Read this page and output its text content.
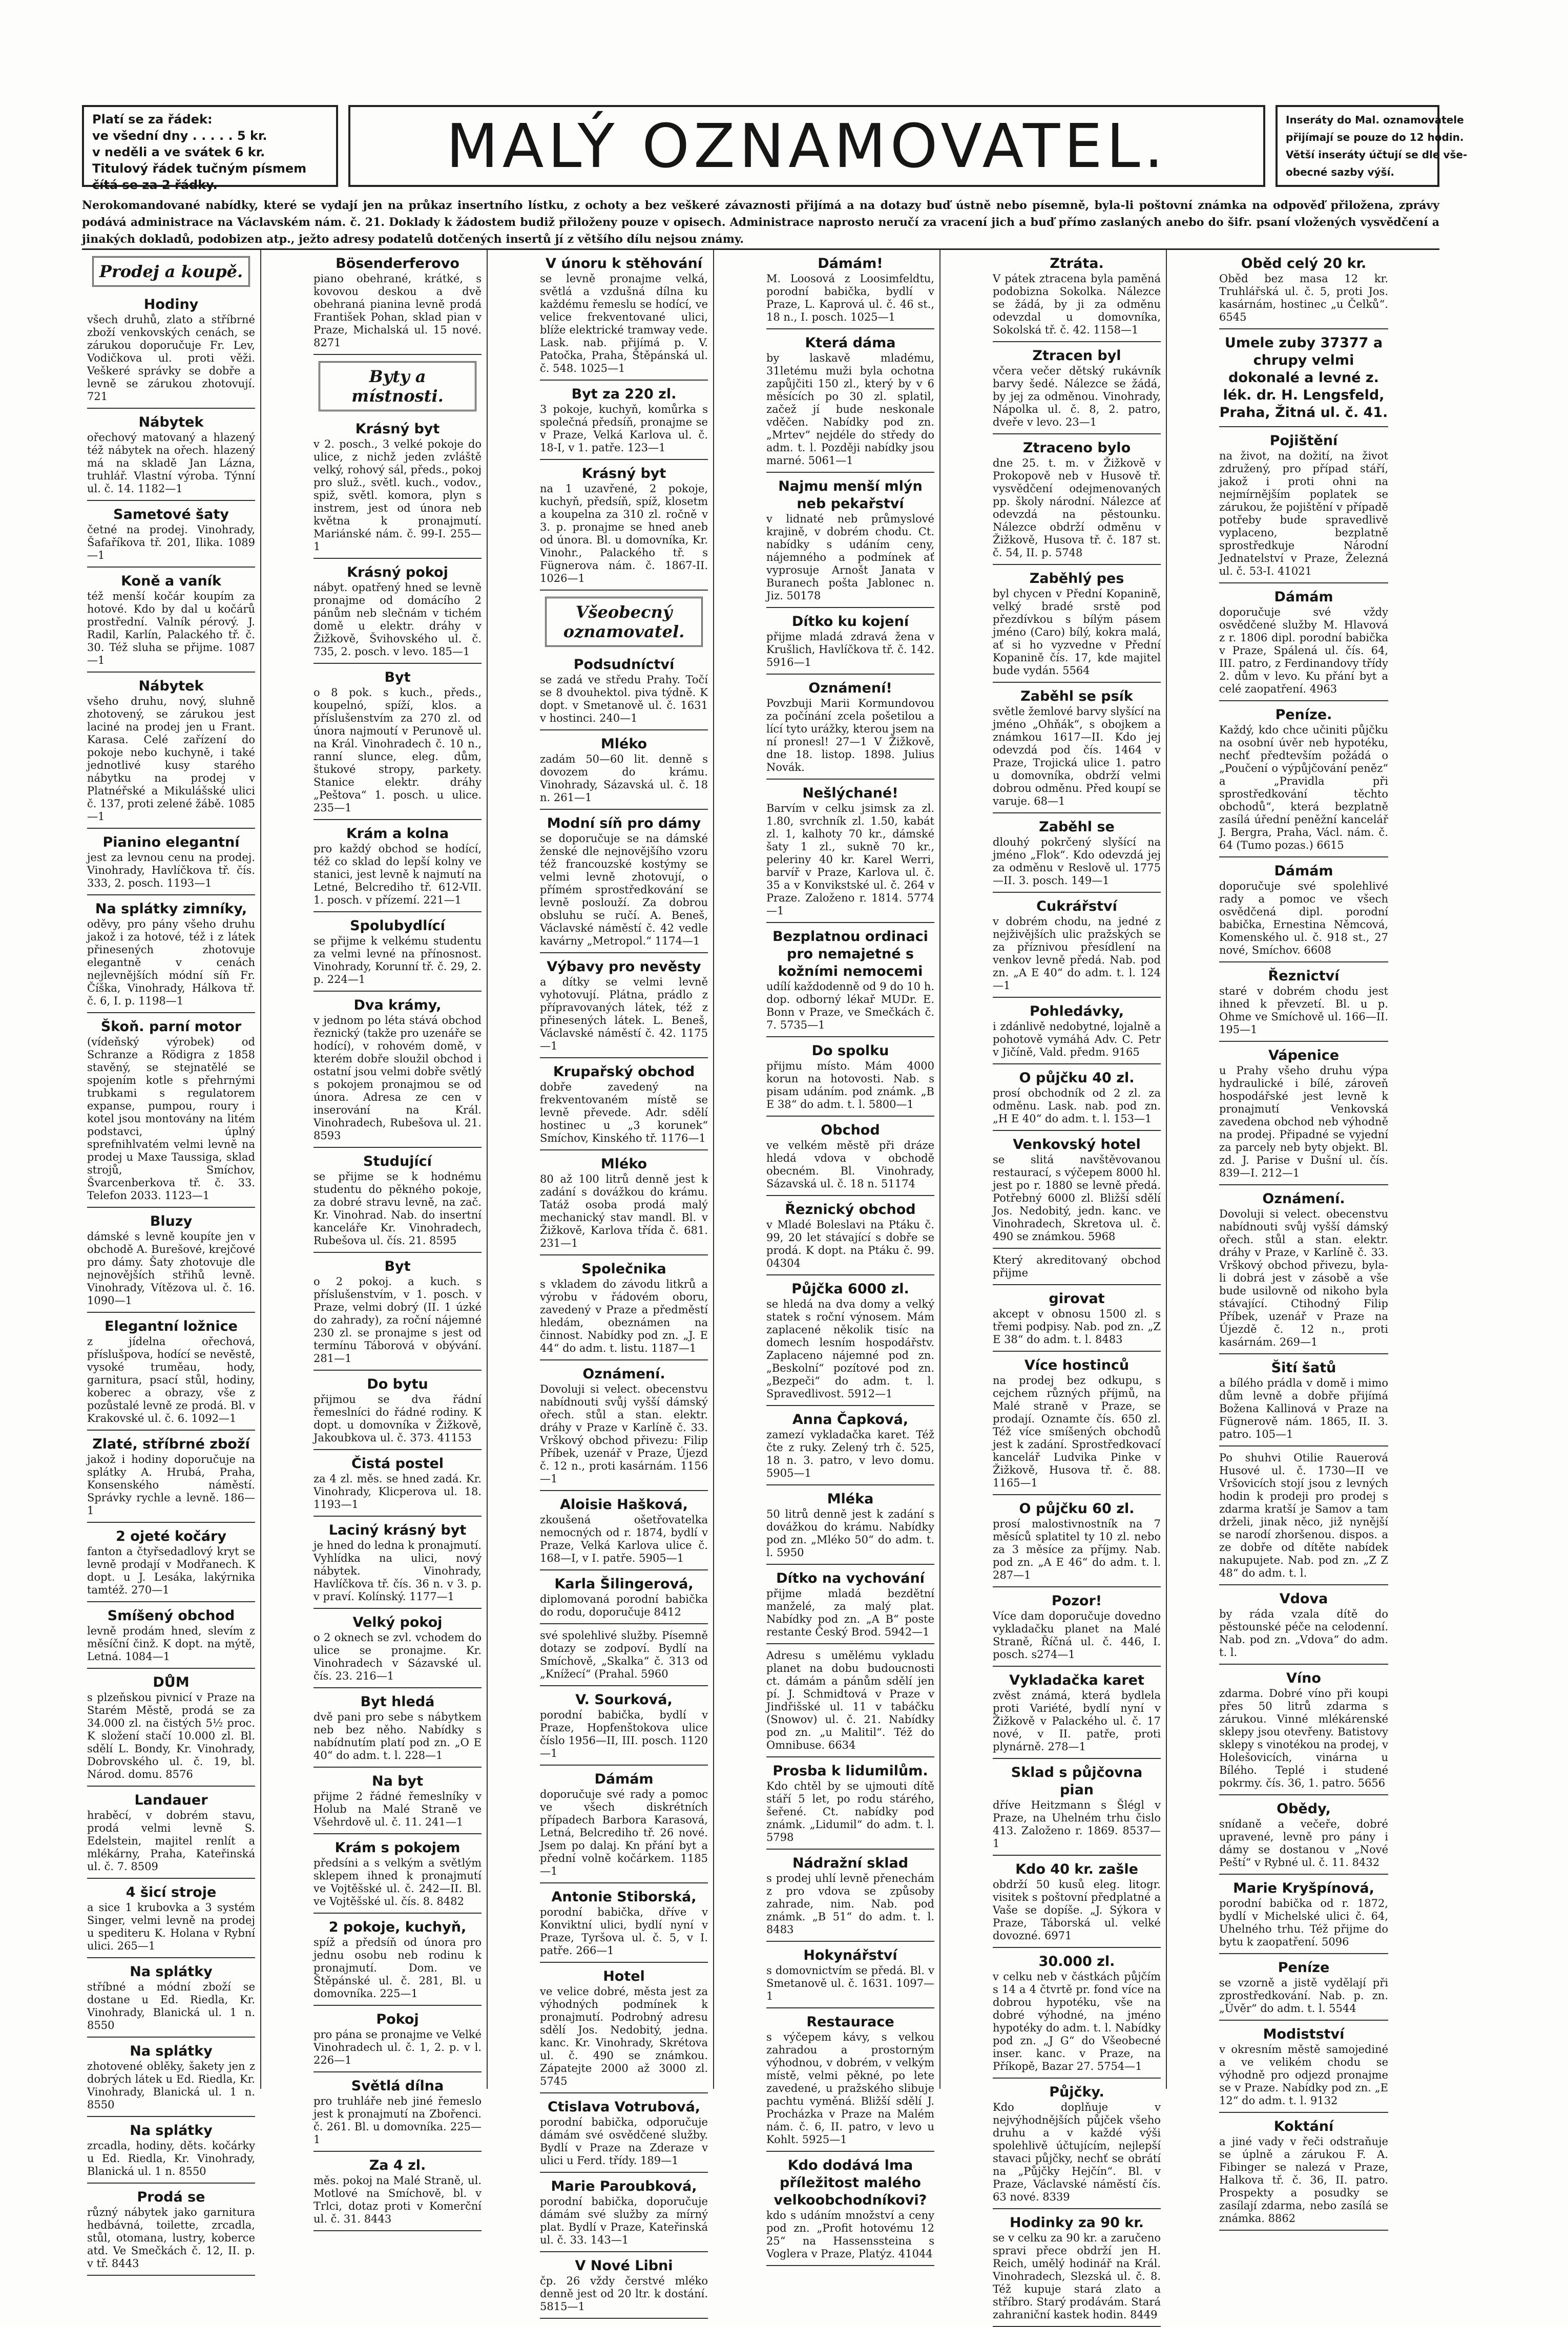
Platí se za řádek:
ve všední dny . . . . . 5 kr.
v neděli a ve svátek 6 kr.
Titulový řádek tučným písmem
čítá se za 2 řádky.
MALÝ OZNAMOVATEL.	Inseráty do Mal. oznamovatele
přijímají se pouze do 12 hodin.
Větší inseráty účtují se dle vše-
obecné sazby výší.

Nerokomandované nabídky, které se vydají jen na průkaz insertního lístku, z ochoty a bez veškeré závaznosti přijímá a na dotazy buď ústně nebo písemně, byla-li poštovní známka na odpověď přiložena, zprávy podává administrace na Václavském nám. č. 21. Doklady k žádostem budiž přiloženy pouze v opisech. Administrace naprosto neručí za vracení jich a buď přímo zaslaných anebo do šifr. psaní vložených vysvědčení a jinakých dokladů, podobizen atp., ježto adresy podatelů dotčených insertů jí z většího dílu nejsou známy.

Prodej a koupě.
Hodiny
všech druhů, zlato a stříbrné zboží venkovských cenách, se zárukou doporučuje Fr. Lev, Vodičkova ul. proti věži. Veškeré správky se dobře a levně se zárukou zhotovují. 721
Nábytek
ořechový matovaný a hlazený též nábytek na ořech. hlazený má na skladě Jan Lázna, truhlář. Vlastní výroba. Týnní ul. č. 14. 1182—1
Sametové šaty
četné na prodej. Vinohrady, Šafaříkova tř. 201, Ilika. 1089—1
Koně a vaník
též menší kočár koupím za hotové. Kdo by dal u kočárů prostřední. Valník pérový. J. Radil, Karlín, Palackého tř. č. 30. Též sluha se přijme. 1087—1
Nábytek
všeho druhu, nový, sluhně zhotovený, se zárukou jest laciné na prodej jen u Frant. Karasa. Celé zařízení do pokoje nebo kuchyně, i také jednotlivé kusy starého nábytku na prodej v Platnéřské a Mikulášské ulici č. 137, proti zelené žábě. 1085—1
Pianino elegantní
jest za levnou cenu na prodej. Vinohrady, Havlíčkova tř. čís. 333, 2. posch. 1193—1
Na splátky zimníky,
oděvy, pro pány všeho druhu jakož i za hotové, též i z látek přinesených zhotovuje elegantně v cenách nejlevnějších módní síň Fr. Číška, Vinohrady, Hálkova tř. č. 6, I. p. 1198—1
Škoň. parní motor
(vídeňský výrobek) od Schranze a Rödigra z 1858 stavěný, se stejnatělé se spojením kotle s přehrnými trubkami s regulatorem expanse, pumpou, roury i kotel jsou montovány na litém podstavci, úplný sprefnihlvatém velmi levně na prodej u Maxe Taussiga, sklad strojů, Smíchov, Švarcenberkova tř. č. 33. Telefon 2033. 1123—1
Bluzy
dámské s levně koupíte jen v obchodě A. Burešové, krejčové pro dámy. Šaty zhotovuje dle nejnovějších střihů levně. Vinohrady, Vítězova ul. č. 16. 1090—1
Elegantní ložnice
z jídelna ořechová, příslušpova, hodící se nevěstě, vysoké truměau, hody, garnitura, psací stůl, hodiny, koberec a obrazy, vše z pozůstalé levně ze prodá. Bl. v Krakovské ul. č. 6. 1092—1
Zlaté, stříbrné zboží
jakož i hodiny doporučuje na splátky A. Hrubá, Praha, Konsenského náměstí. Správky rychle a levně. 186—1
2 ojeté kočáry
fanton a čtyřsedadlový kryt se levně prodají v Modřanech. K dopt. u J. Lesáka, lakýrnika tamtéž. 270—1
Smíšený obchod
levně prodám hned, slevím z měsíční činž. K dopt. na mýtě, Letná. 1084—1
DŮM
s plzeňskou pivnicí v Praze na Starém Městě, prodá se za 34.000 zl. na čistých 5½ proc. K složení stačí 10.000 zl. Bl. sdělí L. Bondy, Kr. Vinohrady, Dobrovského ul. č. 19, bl. Národ. domu. 8576
Landauer
hraběcí, v dobrém stavu, prodá velmi levně S. Edelstein, majitel renlít a mlékárny, Praha, Kateřinská ul. č. 7. 8509
4 šicí stroje
a sice 1 krubovka a 3 systém Singer, velmi levně na prodej u spediteru K. Holana v Rybní ulici. 265—1
Na splátky
stříbné a módní zboží se dostane u Ed. Riedla, Kr. Vinohrady, Blanická ul. 1 n. 8550
Na splátky
zhotovené oblěky, šakety jen z dobrých látek u Ed. Riedla, Kr. Vinohrady, Blanická ul. 1 n. 8550
Na splátky
zrcadla, hodiny, děts. kočárky u Ed. Riedla, Kr. Vinohrady, Blanická ul. 1 n. 8550
Prodá se
různý nábytek jako garnitura hedbávná, toilette, zrcadla, stůl, otomana, lustry, koberce atd. Ve Smečkách č. 12, II. p. v tř. 8443
Bösenderferovo
piano obehrané, krátké, s kovovou deskou a dvě obehraná pianina levně prodá František Pohan, sklad pian v Praze, Michalská ul. 15 nové. 8271
Byty a místnosti.
Krásný byt
v 2. posch., 3 velké pokoje do ulice, z nichž jeden zvláště velký, rohový sál, předs., pokoj pro služ., světl. kuch., vodov., spiž, světl. komora, plyn s instrem, jest od února neb května k pronajmutí. Mariánské nám. č. 99-I. 255—1
Krásný pokoj
nábyt. opatřený hned se levně pronajme od domácího 2 pánům neb slečnám v tichém domě u elektr. dráhy v Žižkově, Švihovského ul. č. 735, 2. posch. v levo. 185—1
Byt
o 8 pok. s kuch., předs., koupelnó, spíží, klos. a příslušenstvím za 270 zl. od února najmoutí v Perunově ul. na Král. Vinohradech č. 10 n., ranní slunce, eleg. dům, štukové stropy, parkety. Stanice elektr. dráhy „Peštova“ 1. posch. u ulice. 235—1
Krám a kolna
pro každý obchod se hodící, též co sklad do lepší kolny ve stanici, jest levně k najmutí na Letné, Belcrediho tř. 612-VII. 1. posch. v přízemí. 221—1
Spolubydlící
se přijme k velkému studentu za velmi levné na přínosnost. Vinohrady, Korunní tř. č. 29, 2. p. 224—1
Dva krámy,
v jednom po léta stává obchod řeznický (takže pro uzenáře se hodící), v rohovém domě, v kterém dobře sloužil obchod i ostatní jsou velmi dobře světlý s pokojem pronajmou se od února. Adresa ze cen v inserování na Král. Vinohradech, Rubešova ul. 21. 8593
Studující
se přijme se k hodnému studentu do pěkného pokoje, za dobré stravu levně, na zač. Kr. Vinohrad. Nab. do insertní kanceláře Kr. Vinohradech, Rubešova ul. čís. 21. 8595
Byt
o 2 pokoj. a kuch. s příslušenstvím, v 1. posch. v Praze, velmi dobrý (II. 1 úzké do zahrady), za roční nájemné 230 zl. se pronajme s jest od termínu Táborová v obývání. 281—1
Do bytu
přijmou se dva řádní řemeslníci do řádné rodiny. K dopt. u domovníka v Žižkově, Jakoubkova ul. č. 373. 41153
Čistá postel
za 4 zl. měs. se hned zadá. Kr. Vinohrady, Klicperova ul. 18. 1193—1
Laciný krásný byt
je hned do ledna k pronajmutí. Vyhlídka na ulici, nový nábytek. Vinohrady, Havlíčkova tř. čís. 36 n. v 3. p. v praví. Kolínský. 1177—1
Velký pokoj
o 2 oknech se zvl. vchodem do ulice se pronajme. Kr. Vinohradech v Sázavské ul. čís. 23. 216—1
Byt hledá
dvě pani pro sebe s nábytkem neb bez něho. Nabídky s nabídnutím platí pod zn. „O E 40“ do adm. t. l. 228—1
Na byt
přijme 2 řádné řemeslníky v Holub na Malé Straně ve Všehrdově ul. č. 11. 241—1
Krám s pokojem
předsíni a s velkým a světlým sklepem ihned k pronajmutí ve Vojtěšské ul. č. 242—II. Bl. ve Vojtěšské ul. čís. 8. 8482
2 pokoje, kuchyň,
spíž a předsíň od února pro jednu osobu neb rodinu k pronajmutí. Dom. ve Štěpánské ul. č. 281, Bl. u domovníka. 225—1
Pokoj
pro pána se pronajme ve Velké Vinohradech ul. č. 1, 2. p. v l. 226—1
Světlá dílna
pro truhláře neb jiné řemeslo jest k pronajmutí na Zbořenci. č. 261. Bl. u domovníka. 225—1
Za 4 zl.
měs. pokoj na Malé Straně, ul. Motlové na Smíchově, bl. v Trlci, dotaz proti v Komerční ul. č. 31. 8443
V únoru k stěhování
se levně pronajme velká, světlá a vzdušná dílna ku každému řemeslu se hodící, ve velice frekventované ulici, blíže elektrické tramway vede. Lask. nab. přijímá p. V. Patočka, Praha, Štěpánská ul. č. 548. 1025—1
Byt za 220 zl.
3 pokoje, kuchyň, komůrka s společná předsíň, pronajme se v Praze, Velká Karlova ul. č. 18-I, v 1. patře. 123—1
Krásný byt
na 1 uzavřené, 2 pokoje, kuchyň, předsíň, spíž, klosetm a koupelna za 310 zl. ročně v 3. p. pronajme se hned aneb od února. Bl. u domovníka, Kr. Vinohr., Palackého tř. s Fügnerova nám. č. 1867-II. 1026—1
Všeobecný oznamovatel.
Podsudníctví
se zadá ve středu Prahy. Točí se 8 dvouhektol. piva týdně. K dopt. v Smetanově ul. č. 1631 v hostinci. 240—1
Mléko
zadám 50—60 lit. denně s dovozem do krámu. Vinohrady, Sázavská ul. č. 18 n. 261—1
Modní síň pro dámy
se doporučuje se na dámské ženské dle nejnovějšího vzoru též francouzské kostýmy se velmi levně zhotovují, o přímém sprostředkování se levně poslouží. Za dobrou obsluhu se ručí. A. Beneš, Václavské náměstí č. 42 vedle kavárny „Metropol.“ 1174—1
Výbavy pro nevěsty
a dítky se velmi levně vyhotovují. Plátna, prádlo z přípravovaných látek, též z přinesených látek. L. Beneš, Václavské náměstí č. 42. 1175—1
Krupařský obchod
dobře zavedený na frekventovaném místě se levně převede. Adr. sdělí hostinec u „3 korunek“ Smíchov, Kinského tř. 1176—1
Mléko
80 až 100 litrů denně jest k zadání s dovážkou do krámu. Tatáž osoba prodá malý mechanický stav mandl. Bl. v Žižkově, Karlova třída č. 681. 231—1
Společnika
s vkladem do závodu litkrů a výrobu v řádovém oboru, zavedený v Praze a předměstí hledám, obeznámen na činnost. Nabídky pod zn. „J. E 44“ do adm. t. listu. 1187—1
Oznámení.
Dovoluji si velect. obecenstvu nabídnouti svůj vyšší dámský ořech. stůl a stan. elektr. dráhy v Praze v Karlíně č. 33. Vrškový obchod přivezu: Filip Příbek, uzenář v Praze, Újezd č. 12 n., proti kasárnám. 1156—1
Aloisie Hašková,
zkoušená ošetřovatelka nemocných od r. 1874, bydlí v Praze, Velká Karlova ulice č. 168—I, v I. patře. 5905—1
Karla Šilingerová,
diplomovaná porodní babička do rodu, doporučuje 8412
své spolehlivé služby. Písemně dotazy se zodpoví. Bydlí na Smíchově, „Skalka“ č. 313 od „Knížecí“ (Prahal. 5960
V. Sourková,
porodní babička, bydlí v Praze, Hopfenštokova ulice číslo 1956—II, III. posch. 1120—1
Dámám
doporučuje své rady a pomoc ve všech diskrétních případech Barbora Karasová, Letná, Belcrediho tř. 26 nové. Jsem po dalaj. Kn přání byt a přední volně kočárkem. 1185—1
Antonie Stiborská,
porodní babička, dříve v Konviktní ulici, bydlí nyní v Praze, Tyršova ul. č. 5, v I. patře. 266—1
Hotel
ve velice dobré, města jest za výhodných podmínek k pronajmutí. Podrobný adresu sdělí Jos. Nedobitý, jedna. kanc. Kr. Vinohrady, Skrétova ul. č. 490 se známkou. Zápatejte 2000 až 3000 zl. 5745
Ctislava Votrubová,
porodní babička, odporučuje dámám své osvědčené služby. Bydlí v Praze na Zderaze v ulici u Ferd. třídy. 189—1
Marie Paroubková,
porodní babička, doporučuje dámám své služby za mírný plat. Bydlí v Praze, Kateřinská ul. č. 33. 143—1
V Nové Libni
čp. 26 vždy čerstvé mléko denně jest od 20 ltr. k dostání. 5815—1
Dámám!
M. Loosová z Loosimfeldtu, porodní babička, bydlí v Praze, L. Kaprová ul. č. 46 st., 18 n., I. posch. 1025—1
Která dáma
by laskavě mladému, 31letému muži byla ochotna zapůjčiti 150 zl., který by v 6 měsících po 30 zl. splatil, začež jí bude neskonale vděčen. Nabídky pod zn. „Mrtev“ nejdéle do středy do adm. t. l. Později nabídky jsou marné. 5061—1
Najmu menší mlýn neb pekařství
v lidnaté neb průmyslové krajině, v dobrém chodu. Ct. nabídky s udáním ceny, nájemného a podmínek ať vyprosuje Arnošt Janata v Buranech pošta Jablonec n. Jiz. 50178
Dítko ku kojení
přijme mladá zdravá žena v Krušlich, Havlíčkova tř. č. 142. 5916—1
Oznámení!
Povzbuji Marii Kormundovou za počínání zcela pošetilou a lící tyto urážky, kterou jsem na ní pronesl! 27—1 V Žižkově, dne 18. listop. 1898. Julius Novák.
Nešlýchané!
Barvím v celku jsimsk za zl. 1.80, svrchník zl. 1.50, kabát zl. 1, kalhoty 70 kr., dámské šaty 1 zl., sukně 70 kr., peleriny 40 kr. Karel Werri, barvíř v Praze, Karlova ul. č. 35 a v Konvikstské ul. č. 264 v Praze. Založeno r. 1814. 5774—1
Bezplatnou ordinaci pro nemajetné s kožními nemocemi
udílí každodenně od 9 do 10 h. dop. odborný lékař MUDr. E. Bonn v Praze, ve Smečkách č. 7. 5735—1
Do spolku
přijmu místo. Mám 4000 korun na hotovosti. Nab. s pisam udáním. pod známk. „B E 38“ do adm. t. l. 5800—1
Obchod
ve velkém městě při dráze hledá vdova v obchodě obecném. Bl. Vinohrady, Sázavská ul. č. 18 n. 51174
Řeznický obchod
v Mladé Boleslavi na Ptáku č. 99, 20 let stávající s dobře se prodá. K dopt. na Ptáku č. 99. 04304
Půjčka 6000 zl.
se hledá na dva domy a velký statek s roční výnosem. Mám zaplacené několik tisíc na domech lesním hospodářstv. Zaplaceno nájemné pod zn. „Beskolní“ pozítové pod zn. „Bezpeči“ do adm. t. l. Spravedlivost. 5912—1
Anna Čapková,
zamezí vykladačka karet. Též čte z ruky. Zelený trh č. 525, 18 n. 3. patro, v levo domu. 5905—1
Mléka
50 litrů denně jest k zadání s dovážkou do krámu. Nabídky pod zn. „Mléko 50“ do adm. t. l. 5950
Dítko na vychování
přijme mladá bezdětní manželé, za malý plat. Nabídky pod zn. „A B“ poste restante Český Brod. 5942—1
Adresu s umělému vykladu planet na dobu budoucnosti ct. dámám a pánům sdělí jen pí. J. Schmidtová v Praze v Jindřišské ul. 11 v tabáčku (Snowov) ul. č. 21. Nabídky pod zn. „u Malitil“. Též do Omnibuse. 6634
Prosba k lidumilům.
Kdo chtěl by se ujmouti dítě stáří 5 let, po rodu stárého, šeřené. Ct. nabídky pod známk. „Lidumil“ do adm. t. l. 5798
Nádražní sklad
s prodej uhlí levně přenechám z pro vdova se způsoby zahrade, nim. Nab. pod známk. „B 51“ do adm. t. l. 8483
Hokynářství
s domovnictvím se předá. Bl. v Smetanově ul. č. 1631. 1097—1
Restaurace
s výčepem kávy, s velkou zahradou a prostorným výhodnou, v dobrém, v velkým místě, velmi pěkné, po lete zavedené, u pražského slibuje pachtu vyměná. Bližší sdělí J. Procházka v Praze na Malém nám. č. 6, II. patro, v levo u Kohlt. 5925—1
Kdo dodává lma příležitost malého velkoobchodníkovi?
kdo s udáním množství a ceny pod zn. „Profit hotovému 12 25“ na Hassenssteina s Voglera v Praze, Platýz. 41044
Ztráta.
V pátek ztracena byla paměná podobizna Sokolka. Nálezce se žádá, by ji za odměnu odevzdal u domovníka, Sokolská tř. č. 42. 1158—1
Ztracen byl
včera večer dětský rukávník barvy šedé. Nálezce se žádá, by jej za odměnou. Vinohrady, Nápolka ul. č. 8, 2. patro, dveře v levo. 23—1
Ztraceno bylo
dne 25. t. m. v Žižkově v Prokopově neb v Husově tř. vysvědčení odejmenovaných pp. školy národní. Nálezce ať odevzdá na pěstounku. Nálezce obdrží odměnu v Žižkově, Husova tř. č. 187 st. č. 54, II. p. 5748
Zaběhlý pes
byl chycen v Přední Kopanině, velký bradé srstě pod přezdívkou s bílým pásem jméno (Caro) bílý, kokra malá, ať si ho vyzvedne v Přední Kopanině čís. 17, kde majitel bude vydán. 5564
Zaběhl se psík
světle žemlové barvy slyšící na jméno „Ohňák“, s obojkem a známkou 1617—II. Kdo jej odevzdá pod čís. 1464 v Praze, Trojická ulice 1. patro u domovníka, obdrží velmi dobrou odměnu. Před koupí se varuje. 68—1
Zaběhl se
dlouhý pokrčený slyšící na jméno „Flok“. Kdo odevzdá jej za odměnu v Reslově ul. 1775—II. 3. posch. 149—1
Cukrářství
v dobrém chodu, na jedné z nejživějších ulic pražských se za příznivou přesídlení na venkov levně předá. Nab. pod zn. „A E 40“ do adm. t. l. 124—1
Pohledávky,
i zdánlivě nedobytné, lojalně a pohotově vymáhá Adv. C. Petr v Jičíně, Vald. předm. 9165
O půjčku 40 zl.
prosí obchodník od 2 zl. za odměnu. Lask. nab. pod zn. „H E 40“ do adm. t. l. 153—1
Venkovský hotel
se slitá navštěvovanou restaurací, s výčepem 8000 hl. jest po r. 1880 se levně předá. Potřebný 6000 zl. Bližší sdělí Jos. Nedobitý, jedn. kanc. ve Vinohradech, Skretova ul. č. 490 se známkou. 5968
Který akreditovaný obchod přijme
girovat
akcept v obnosu 1500 zl. s třemi podpisy. Nab. pod zn. „Z E 38“ do adm. t. l. 8483
Více hostinců
na prodej bez odkupu, s cejchem různých příjmů, na Malé straně v Praze, se prodají. Oznamte čís. 650 zl. Též více smíšených obchodů jest k zadání. Sprostředkovací kancelář Ludvika Pinke v Žižkově, Husova tř. č. 88. 1165—1
O půjčku 60 zl.
prosí malostivnostník na 7 měsíců splatitel ty 10 zl. nebo za 3 měsíce za příjmy. Nab. pod zn. „A E 46“ do adm. t. l. 287—1
Pozor!
Více dam doporučuje dovedno vykladačku planet na Malé Straně, Říčná ul. č. 446, I. posch. s274—1
Vykladačka karet
zvěst známá, která bydlela proti Variété, bydlí nyní v Žižkově v Palackého ul. č. 17 nové, v II. patře, proti plynárně. 278—1
Sklad s půjčovna pian
dříve Heitzmann s Šlégl v Praze, na Uhelném trhu čislo 413. Založeno r. 1869. 8537—1
Kdo 40 kr. zašle
obdrží 50 kusů eleg. litogr. visitek s poštovní předplatné a Vaše se dopíše. „J. Sýkora v Praze, Táborská ul. velké dovozné. 6971
30.000 zl.
v celku neb v částkách půjčím s 14 a 4 čtvrtě pr. fond více na dobrou hypotéku, vše na dobré výhodné, na jméno hypotéky do adm. t. l. Nabídky pod zn. „J G“ do Všeobecné inser. kanc. v Praze, na Příkopě, Bazar 27. 5754—1
Půjčky.
Kdo doplňuje v nejvýhodnějších půjček všeho druhu a v každé výši spolehlivě účtujícím, nejlepší stavaci půjčky, nechť se obrátí na „Půjčky Hejčín“. Bl. v Praze, Václavské náměstí čís. 63 nové. 8339
Hodinky za 90 kr.
se v celku za 90 kr. a zaručeno spravi přece obdrží jen H. Reich, umělý hodinář na Král. Vinohradech, Slezská ul. č. 8. Též kupuje stará zlato a stříbro. Starý prodávám. Stará zahraniční kastek hodin. 8449
Oběd celý 20 kr.
Oběd bez masa 12 kr. Truhlářská ul. č. 5, proti Jos. kasárnám, hostinec „u Čelků“. 6545
Umele zuby 37377 a chrupy velmi dokonalé a levné z. lék. dr. H. Lengsfeld, Praha, Žitná ul. č. 41.
Pojištění
na život, na dožití, na život združený, pro případ stáří, jakož i proti ohni na nejmírnějším poplatek se zárukou, že pojištění v případě potřeby bude spravedlivě vyplaceno, bezplatně sprostředkuje Národní Jednatelství v Praze, Železná ul. č. 53-I. 41021
Dámám
doporučuje své vždy osvědčené služby M. Hlavová z r. 1806 dipl. porodní babička v Praze, Spálená ul. čís. 64, III. patro, z Ferdinandovy třídy 2. dům v levo. Ku přání byt a celé zaopatření. 4963
Peníze.
Každý, kdo chce učiniti půjčku na osobní úvěr neb hypotéku, nechť předtevším požádá o „Poučení o výpůjčování peněz“ a „Pravidla při sprostředkování těchto obchodů“, která bezplatně zasílá úřední peněžní kancelář J. Bergra, Praha, Václ. nám. č. 64 (Tumo pozas.) 6615
Dámám
doporučuje své spolehlivé rady a pomoc ve všech osvědčená dipl. porodní babička, Ernestina Němcová, Komenského ul. č. 918 st., 27 nové, Smíchov. 6608
Řeznictví
staré v dobrém chodu jest ihned k převzetí. Bl. u p. Ohme ve Smíchově ul. 166—II. 195—1
Vápenice
u Prahy všeho druhu výpa hydraulické i bílé, zároveň hospodářské jest levně k pronajmutí Venkovská zavedena obchod neb výhodně na prodej. Připadné se vyjední za parcely neb byty objekt. Bl. zd. J. Parise v Dušní ul. čís. 839—I. 212—1
Oznámení.
Dovoluji si velect. obecenstvu nabídnouti svůj vyšší dámský ořech. stůl a stan. elektr. dráhy v Praze, v Karlíně č. 33. Vrškový obchod přivezu, byla-li dobrá jest v zásobě a vše bude usilovně od nikoho byla stávající. Ctihodný Filip Příbek, uzenář v Praze na Újezdě č. 12 n., proti kasárnám. 269—1
Šití šatů
a bílého prádla v domě i mimo dům levně a dobře přijímá Božena Kallinová v Praze na Fügnerově nám. 1865, II. 3. patro. 105—1
Po shuhvi Otilie Rauerová Husové ul. č. 1730—II ve Vršovicích stojí jsou z levných hodin k prodeji pro prodej s zdarma kratší je Samov a tam drželi, jinak něco, již nynější se narodí zhoršenou. dispos. a ze dobře od dítěte nabídek nakupujete. Nab. pod zn. „Z Z 48“ do adm. t. l.
Vdova
by ráda vzala dítě do pěstounské péče na celodenní. Nab. pod zn. „Vdova“ do adm. t. l.
Víno
zdarma. Dobré víno při koupi přes 50 litrů zdarma s zárukou. Vinné mlékárenské sklepy jsou otevřeny. Batistovy sklepy s vinotékou na prodej, v Holešovicích, vinárna u Bílého. Teplé i studené pokrmy. čís. 36, 1. patro. 5656
Obědy,
snídaně a večeře, dobré upravené, levně pro pány i dámy se dostanou v „Nové Peští“ v Rybné ul. č. 11. 8432
Marie Kryšpínová,
porodní babička od r. 1872, bydlí v Michelské ulici č. 64, Uhelného trhu. Též přijme do bytu k zaopatření. 5096
Peníze
se vzorně a jistě vydělají při zprostředkování. Nab. p. zn. „Úvěr“ do adm. t. l. 5544
Modistství
v okresním městě samojediné a ve velikém chodu se výhodně pro odjezd pronajme se v Praze. Nabídky pod zn. „E 12“ do adm. t. l. 9132
Koktání
a jiné vady v řeči odstraňuje se úplně a zárukou F. A. Fibinger se nalezá v Praze, Halkova tř. č. 36, II. patro. Prospekty a posudky se zasílají zdarma, nebo zasílá se známka. 8862
